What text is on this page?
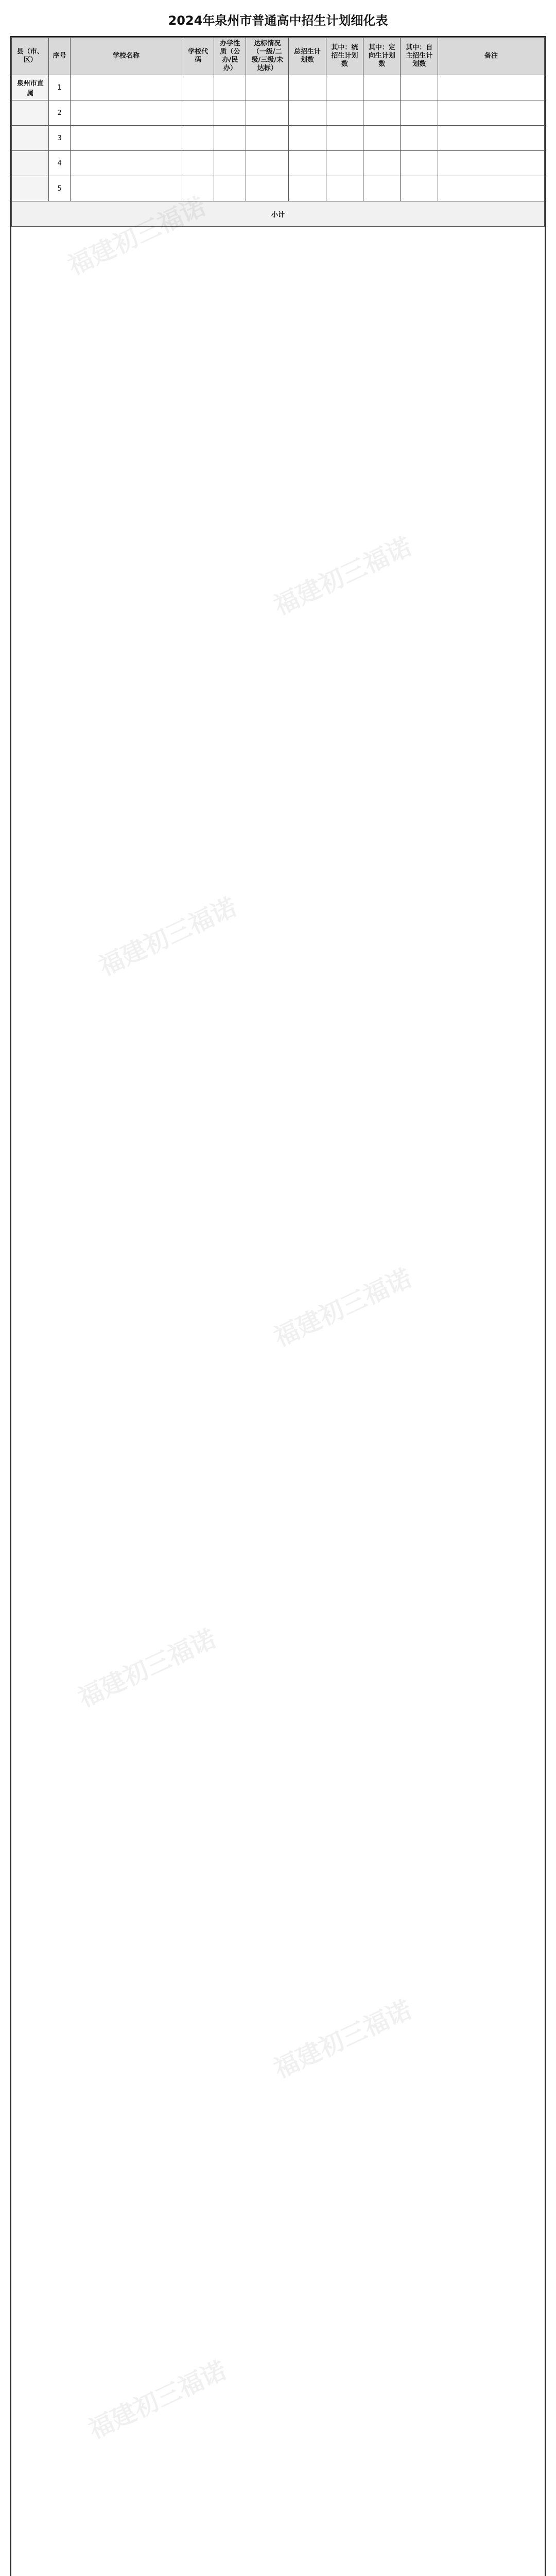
福建初三福诺
福建初三福诺
福建初三福诺
福建初三福诺
福建初三福诺
福建初三福诺
福建初三福诺
2024年泉州市普通高中招生计划细化表
县（市、区）	序号	学校名称	学校代码	办学性质（公办/民办）	达标情况（一级/二级/三级/未达标）	总招生计划数	其中：统招生计划数	其中：定向生计划数	其中：自主招生计划数	备注
泉州市直属	1									
	2									
	3									
	4									
	5									
小计										
